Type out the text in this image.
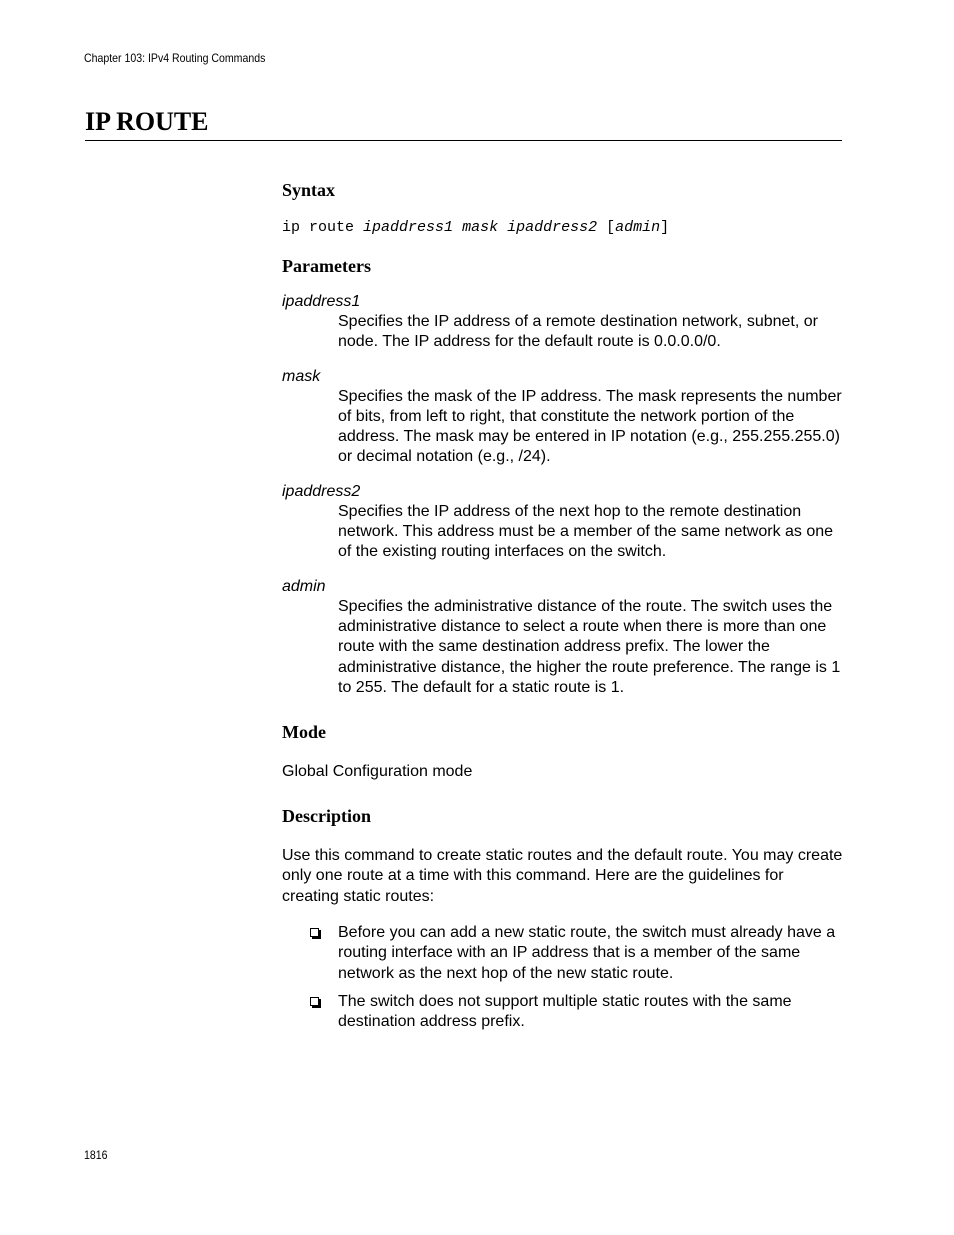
Chapter 103: IPv4 Routing Commands
IP ROUTE
Syntax
ip route ipaddress1 mask ipaddress2 [admin]
Parameters
ipaddress1
Specifies the IP address of a remote destination network, subnet, or node. The IP address for the default route is 0.0.0.0/0.
mask
Specifies the mask of the IP address. The mask represents the number of bits, from left to right, that constitute the network portion of the address. The mask may be entered in IP notation (e.g., 255.255.255.0) or decimal notation (e.g., /24).
ipaddress2
Specifies the IP address of the next hop to the remote destination network. This address must be a member of the same network as one of the existing routing interfaces on the switch.
admin
Specifies the administrative distance of the route. The switch uses the administrative distance to select a route when there is more than one route with the same destination address prefix. The lower the administrative distance, the higher the route preference. The range is 1 to 255. The default for a static route is 1.
Mode
Global Configuration mode
Description
Use this command to create static routes and the default route. You may create only one route at a time with this command. Here are the guidelines for creating static routes:
Before you can add a new static route, the switch must already have a routing interface with an IP address that is a member of the same network as the next hop of the new static route.
The switch does not support multiple static routes with the same destination address prefix.
1816
